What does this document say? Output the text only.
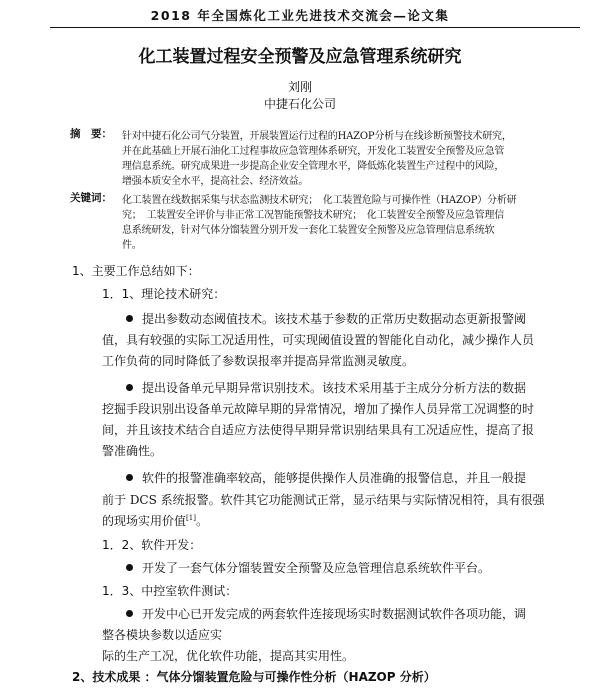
2018 年全国炼化工业先进技术交流会—论文集
化工装置过程安全预警及应急管理系统研究
刘刚
中捷石化公司
摘　要： 针对中捷石化公司气分装置，开展装置运行过程的HAZOP分析与在线诊断预警技术研究，
并在此基础上开展石油化工过程事故应急管理体系研究，开发化工装置安全预警及应急管
理信息系统。研究成果进一步提高企业安全管理水平，降低炼化装置生产过程中的风险，
增强本质安全水平，提高社会、经济效益。
关键词： 化工装置在线数据采集与状态监测技术研究；　化工装置危险与可操作性（HAZOP）分析研
究；　工装置安全评价与非正常工况智能预警技术研究；　化工装置安全预警及应急管理信
息系统研发，针对气体分馏装置分别开发一套化工装置安全预警及应急管理信息系统软
件。
1、主要工作总结如下：
1．1、理论技术研究：
提出参数动态阈值技术。该技术基于参数的正常历史数据动态更新报警阈
值，具有较强的实际工况适用性，可实现阈值设置的智能化自动化，减少操作人员
工作负荷的同时降低了参数误报率并提高异常监测灵敏度。
提出设备单元早期异常识别技术。该技术采用基于主成分分析方法的数据
挖掘手段识别出设备单元故障早期的异常情况，增加了操作人员异常工况调整的时
间，并且该技术结合自适应方法使得早期异常识别结果具有工况适应性，提高了报
警准确性。
软件的报警准确率较高，能够提供操作人员准确的报警信息，并且一般提
前于 DCS 系统报警。软件其它功能测试正常，显示结果与实际情况相符，具有很强
的现场实用价值[1]。
1．2、软件开发：
开发了一套气体分馏装置安全预警及应急管理信息系统软件平台。
1．3、中控室软件测试：
开发中心已开发完成的两套软件连接现场实时数据测试软件各项功能，调
整各模块参数以适应实
际的生产工况，优化软件功能，提高其实用性。
2、技术成果 ：气体分馏装置危险与可操作性分析（HAZOP 分析）
